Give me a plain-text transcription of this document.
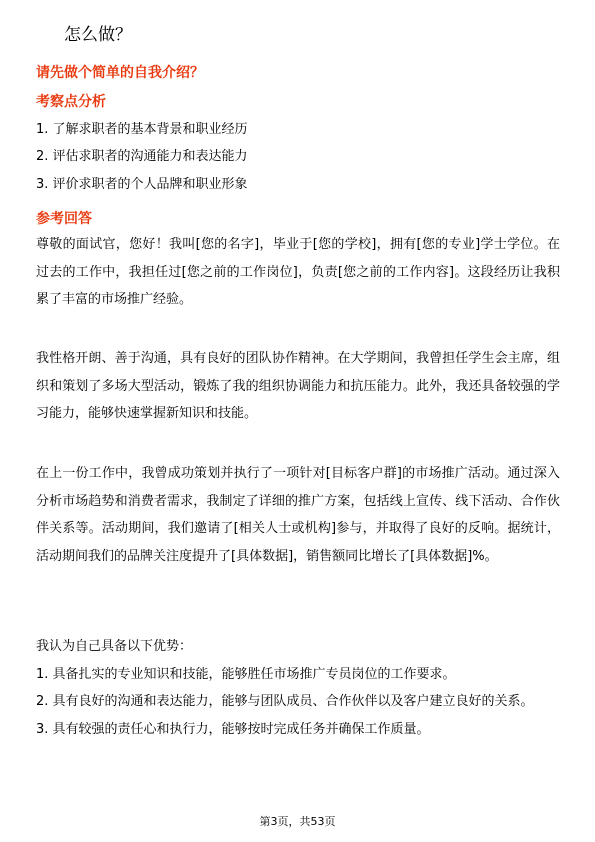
怎么做？
请先做个简单的自我介绍？
考察点分析
1. 了解求职者的基本背景和职业经历
2. 评估求职者的沟通能力和表达能力
3. 评价求职者的个人品牌和职业形象
参考回答

尊敬的面试官，您好！我叫[您的名字]，毕业于[您的学校]，拥有[您的专业]学士学位。在过去的工作中，我担任过[您之前的工作岗位]，负责[您之前的工作内容]。这段经历让我积累了丰富的市场推广经验。

我性格开朗、善于沟通，具有良好的团队协作精神。在大学期间，我曾担任学生会主席，组织和策划了多场大型活动，锻炼了我的组织协调能力和抗压能力。此外，我还具备较强的学习能力，能够快速掌握新知识和技能。

在上一份工作中，我曾成功策划并执行了一项针对[目标客户群]的市场推广活动。通过深入分析市场趋势和消费者需求，我制定了详细的推广方案，包括线上宣传、线下活动、合作伙伴关系等。活动期间，我们邀请了[相关人士或机构]参与，并取得了良好的反响。据统计，活动期间我们的品牌关注度提升了[具体数据]，销售额同比增长了[具体数据]%。

我认为自己具备以下优势：
1. 具备扎实的专业知识和技能，能够胜任市场推广专员岗位的工作要求。
2. 具有良好的沟通和表达能力，能够与团队成员、合作伙伴以及客户建立良好的关系。
3. 具有较强的责任心和执行力，能够按时完成任务并确保工作质量。
第3页，共53页
